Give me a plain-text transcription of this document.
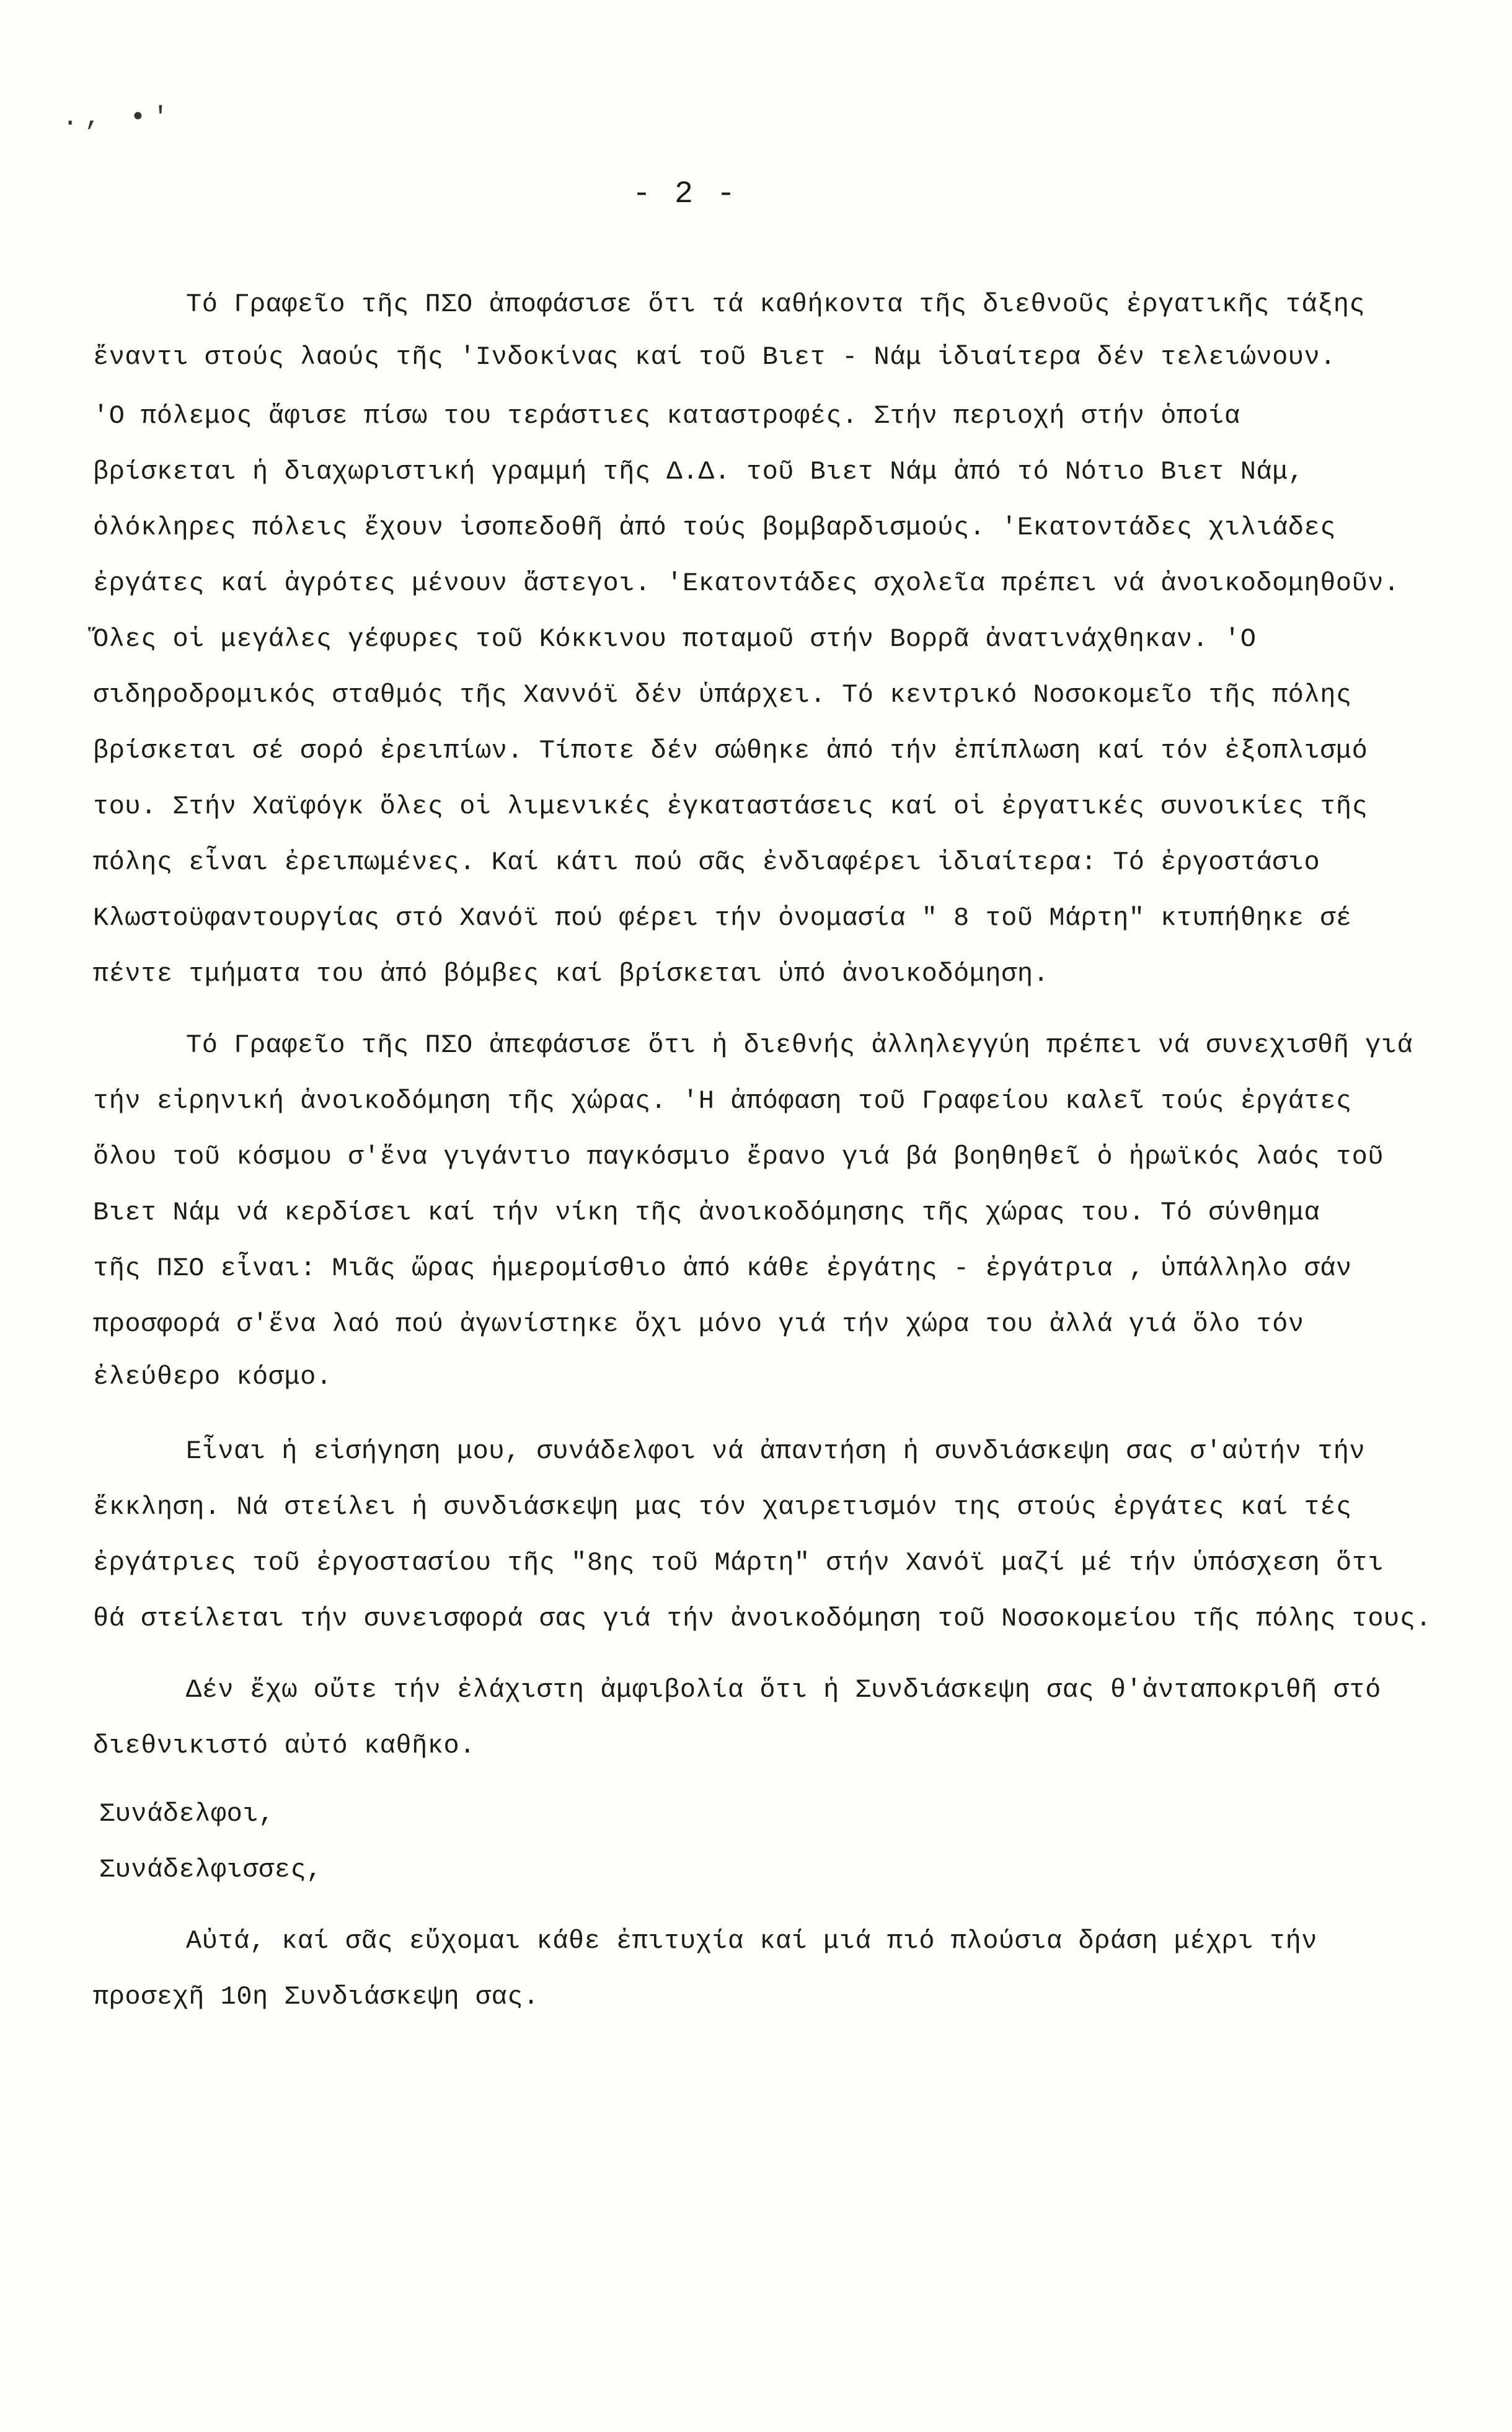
., •'
- 2 -
Τό Γραφεῖο τῆς ΠΣΟ ἀποφάσισε ὅτι τά καθήκοντα τῆς διεθνοῦς ἐργατικῆς τάξης
ἔναντι στούς λαούς τῆς 'Ινδοκίνας καί τοῦ Βιετ - Νάμ ἰδιαίτερα δέν τελειώνουν.
'Ο πόλεμος ἄφισε πίσω του τεράστιες καταστροφές. Στήν περιοχή στήν ὁποία
βρίσκεται ἡ διαχωριστική γραμμή τῆς Δ.Δ. τοῦ Βιετ Νάμ ἀπό τό Νότιο Βιετ Νάμ,
ὁλόκληρες πόλεις ἔχουν ἰσοπεδοθῆ ἀπό τούς βομβαρδισμούς. 'Εκατοντάδες χιλιάδες
ἐργάτες καί ἀγρότες μένουν ἄστεγοι. 'Εκατοντάδες σχολεῖα πρέπει νά ἀνοικοδομηθοῦν.
Ὅλες οἱ μεγάλες γέφυρες τοῦ Κόκκινου ποταμοῦ στήν Βορρᾶ ἀνατινάχθηκαν. 'Ο
σιδηροδρομικός σταθμός τῆς Χαννόϊ δέν ὑπάρχει. Τό κεντρικό Νοσοκομεῖο τῆς πόλης
βρίσκεται σέ σορό ἐρειπίων. Τίποτε δέν σώθηκε ἀπό τήν ἐπίπλωση καί τόν ἐξοπλισμό
του. Στήν Χαϊφόγκ ὅλες οἱ λιμενικές ἐγκαταστάσεις καί οἱ ἐργατικές συνοικίες τῆς
πόλης εἶναι ἐρειπωμένες. Καί κάτι πού σᾶς ἐνδιαφέρει ἰδιαίτερα: Τό ἐργοστάσιο
Κλωστοϋφαντουργίας στό Χανόϊ πού φέρει τήν ὀνομασία " 8 τοῦ Μάρτη" κτυπήθηκε σέ
πέντε τμήματα του ἀπό βόμβες καί βρίσκεται ὑπό ἀνοικοδόμηση.
Τό Γραφεῖο τῆς ΠΣΟ ἀπεφάσισε ὅτι ἡ διεθνής ἀλληλεγγύη πρέπει νά συνεχισθῆ γιά
τήν εἰρηνική ἀνοικοδόμηση τῆς χώρας. 'Η ἀπόφαση τοῦ Γραφείου καλεῖ τούς ἐργάτες
ὅλου τοῦ κόσμου σ'ἕνα γιγάντιο παγκόσμιο ἔρανο γιά βά βοηθηθεῖ ὁ ἡρωϊκός λαός τοῦ
Βιετ Νάμ νά κερδίσει καί τήν νίκη τῆς ἀνοικοδόμησης τῆς χώρας του. Τό σύνθημα
τῆς ΠΣΟ εἶναι: Μιᾶς ὥρας ἡμερομίσθιο ἀπό κάθε ἐργάτης - ἐργάτρια , ὑπάλληλο σάν
προσφορά σ'ἕνα λαό πού ἀγωνίστηκε ὄχι μόνο γιά τήν χώρα του ἀλλά γιά ὅλο τόν
ἐλεύθερο κόσμο.
Εἶναι ἡ εἰσήγηση μου, συνάδελφοι νά ἀπαντήση ἡ συνδιάσκεψη σας σ'αὐτήν τήν
ἔκκληση. Νά στείλει ἡ συνδιάσκεψη μας τόν χαιρετισμόν της στούς ἐργάτες καί τές
ἐργάτριες τοῦ ἐργοστασίου τῆς "8ης τοῦ Μάρτη" στήν Χανόϊ μαζί μέ τήν ὑπόσχεση ὅτι
θά στείλεται τήν συνεισφορά σας γιά τήν ἀνοικοδόμηση τοῦ Νοσοκομείου τῆς πόλης τους.
Δέν ἔχω οὔτε τήν ἐλάχιστη ἀμφιβολία ὅτι ἡ Συνδιάσκεψη σας θ'ἀνταποκριθῆ στό
διεθνικιστό αὐτό καθῆκο.
Συνάδελφοι,
Συνάδελφισσες,
Αὐτά, καί σᾶς εὔχομαι κάθε ἐπιτυχία καί μιά πιό πλούσια δράση μέχρι τήν
προσεχῆ 10η Συνδιάσκεψη σας.
